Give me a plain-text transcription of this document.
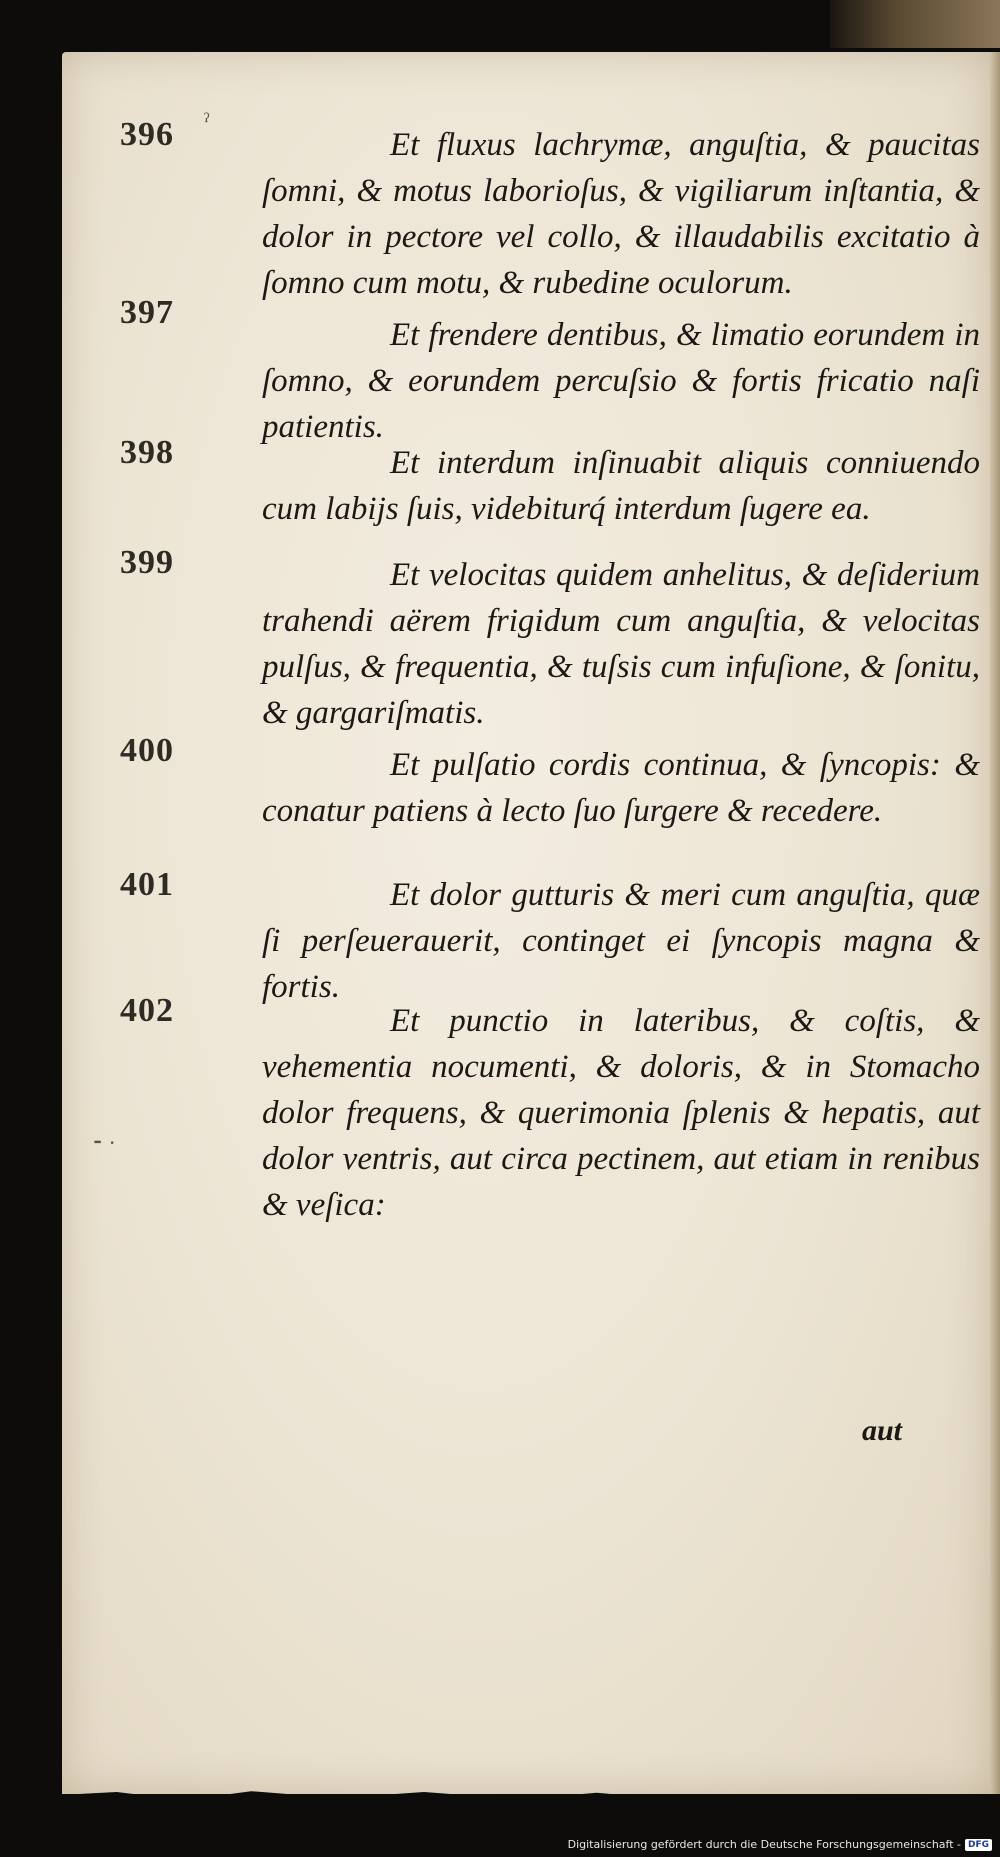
ˀ
⁃ ·
396	Et fluxus lachrymæ, anguſtia, & paucitas ſomni, & motus laborioſus, & vigiliarum inſtantia, & dolor in pectore vel collo, & illaudabilis excitatio à ſomno cum motu, & rubedine oculorum.
397
Et frendere dentibus, & limatio eorundem in ſomno, & eorundem percuſsio & fortis fricatio naſi patientis.
398	Et interdum inſinuabit aliquis conniuendo cum labijs ſuis, videbiturq́ interdum ſugere ea.
399	Et velocitas quidem anhelitus, & deſiderium trahendi aërem frigidum cum anguſtia, & velocitas pulſus, & frequentia, & tuſsis cum infuſione, & ſonitu, & gargariſmatis.
400	Et pulſatio cordis continua, & ſyncopis: & conatur patiens à lecto ſuo ſurgere & recedere.
401	Et dolor gutturis & meri cum anguſtia, quæ ſi perſeuerauerit, continget ei ſyncopis magna & fortis.
402	Et punctio in lateribus, & coſtis, & vehementia nocumenti, & doloris, & in Stomacho dolor frequens, & querimonia ſplenis & hepatis, aut dolor ventris, aut circa pectinem, aut etiam in renibus & veſica:
aut
Digitalisierung gefördert durch die Deutsche Forschungsgemeinschaft - DFG
